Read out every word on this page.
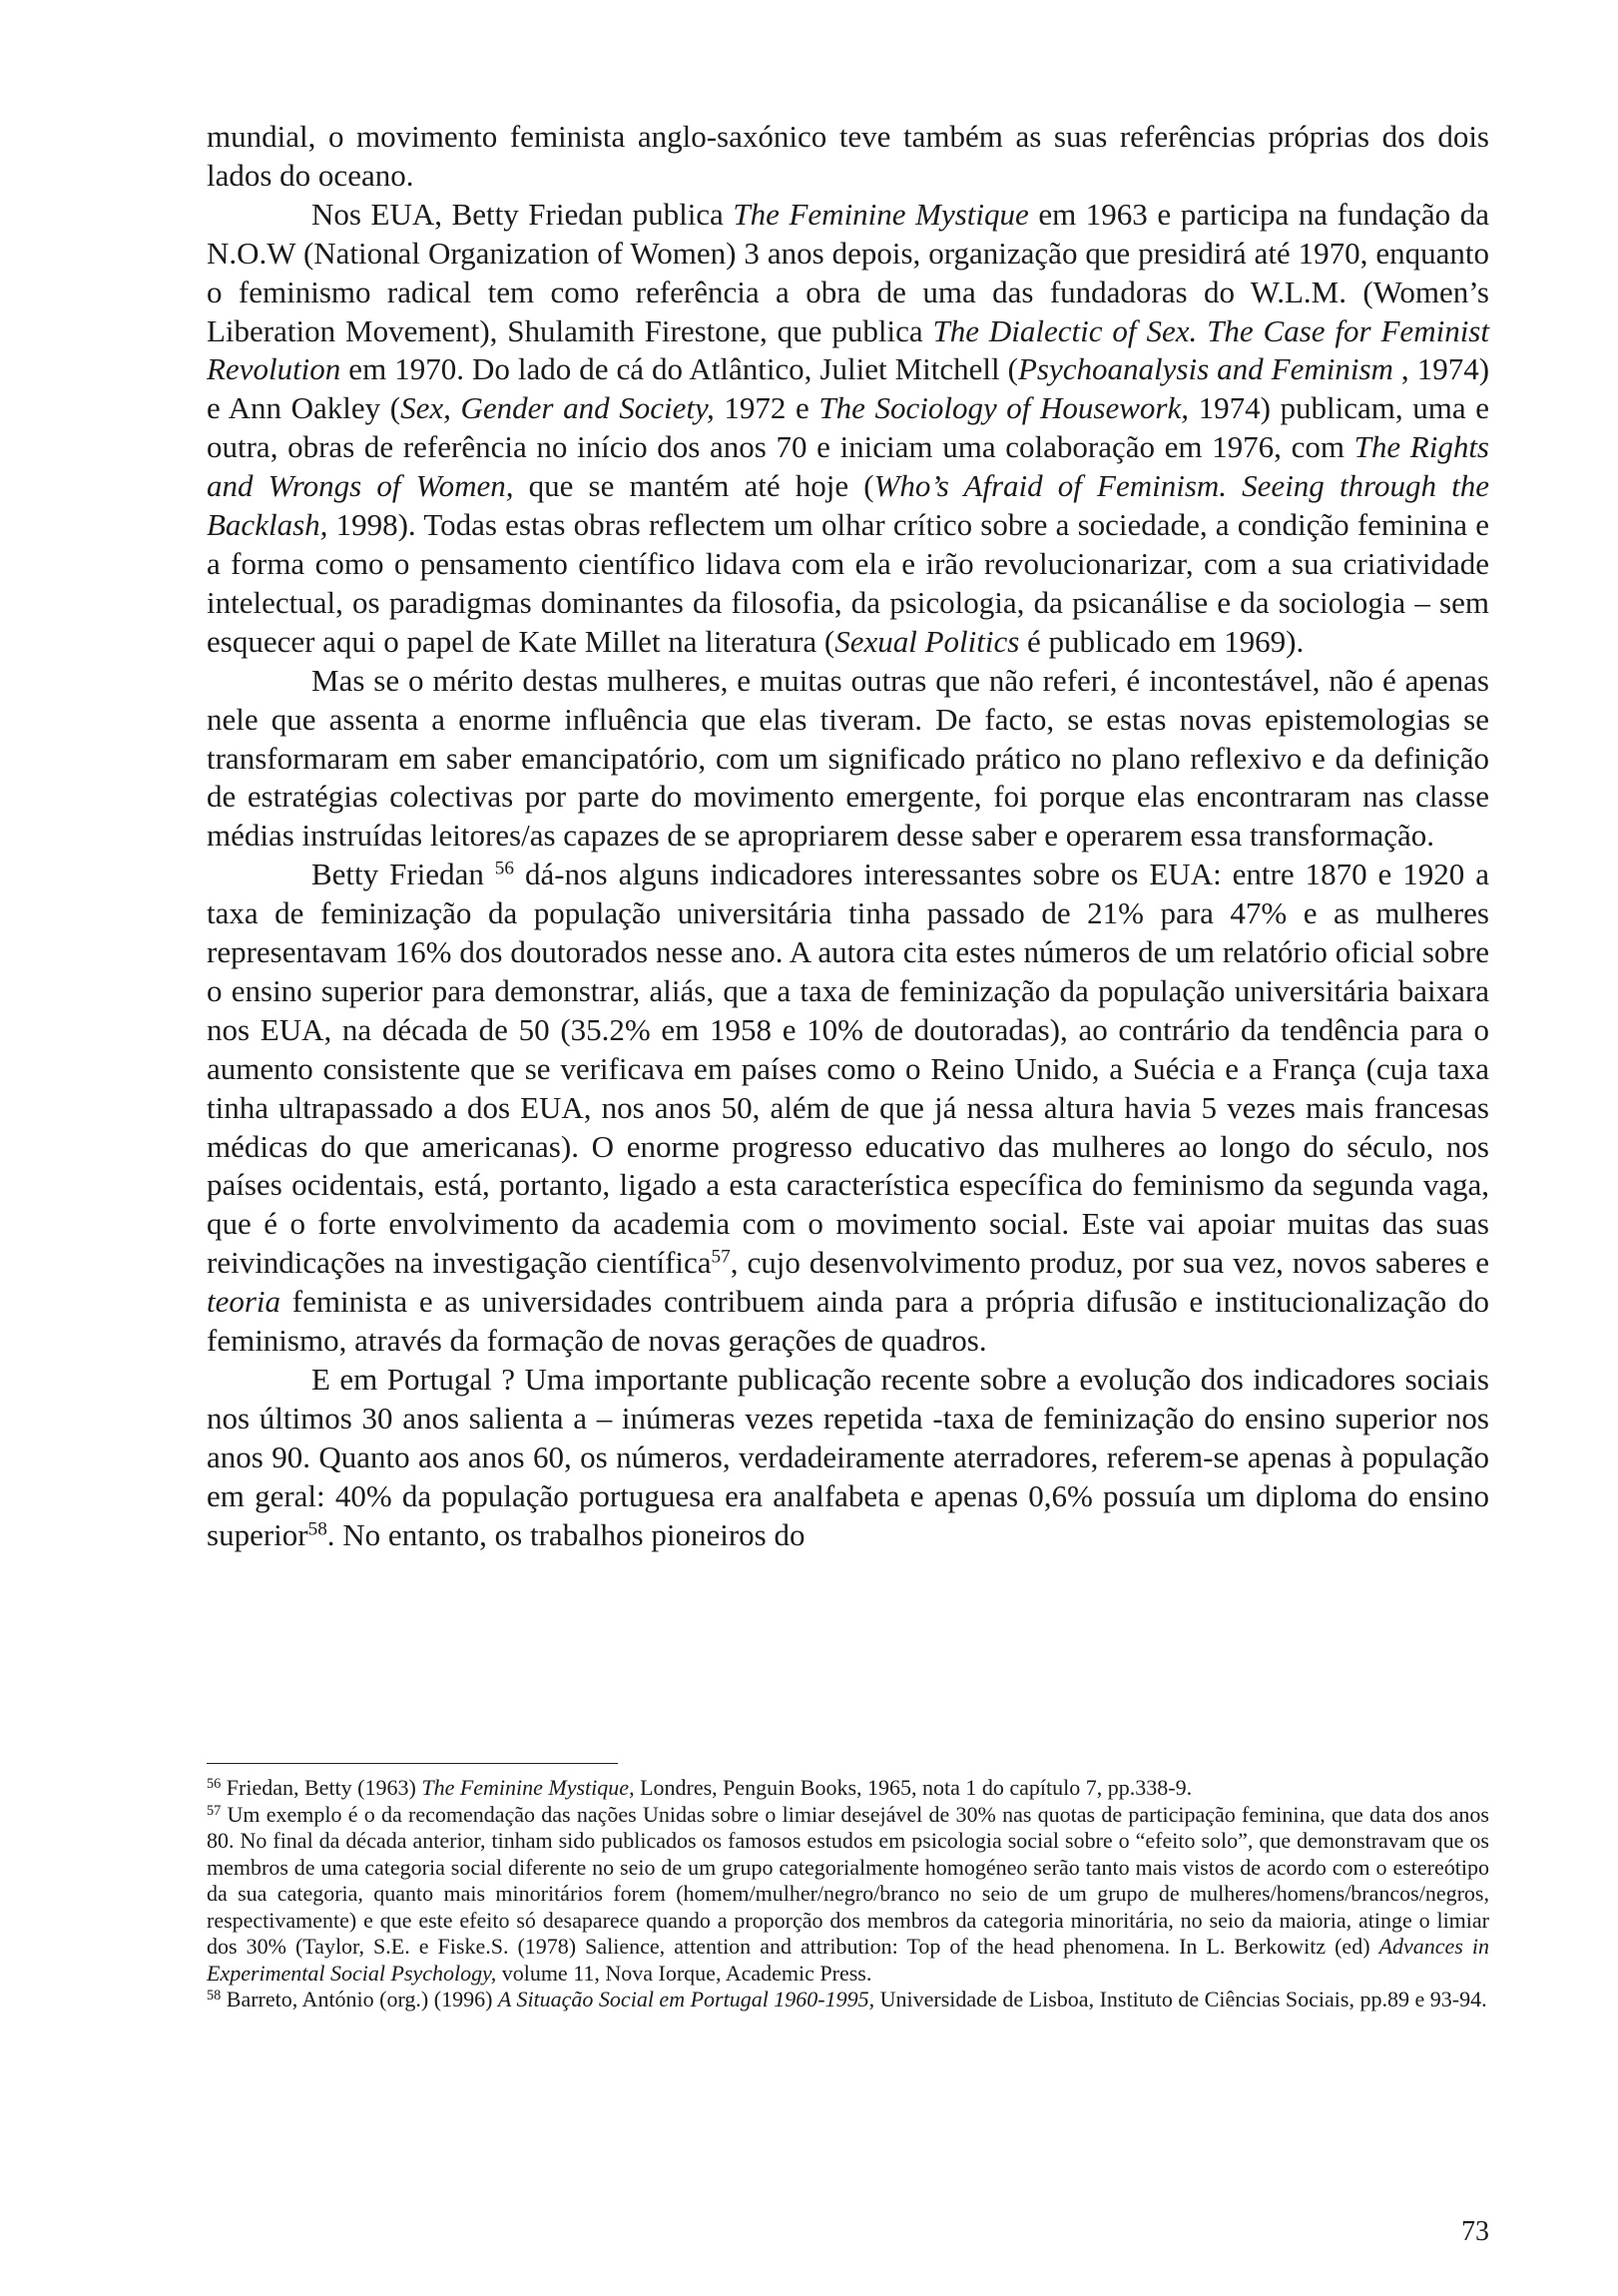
mundial, o movimento feminista anglo-saxónico teve também as suas referências próprias dos dois lados do oceano.

Nos EUA, Betty Friedan publica The Feminine Mystique em 1963 e participa na fundação da N.O.W (National Organization of Women) 3 anos depois, organização que presidirá até 1970, enquanto o feminismo radical tem como referência a obra de uma das fundadoras do W.L.M. (Women’s Liberation Movement), Shulamith Firestone, que publica The Dialectic of Sex. The Case for Feminist Revolution em 1970. Do lado de cá do Atlântico, Juliet Mitchell (Psychoanalysis and Feminism , 1974) e Ann Oakley (Sex, Gender and Society, 1972 e The Sociology of Housework, 1974) publicam, uma e outra, obras de referência no início dos anos 70 e iniciam uma colaboração em 1976, com The Rights and Wrongs of Women, que se mantém até hoje (Who’s Afraid of Feminism. Seeing through the Backlash, 1998). Todas estas obras reflectem um olhar crítico sobre a sociedade, a condição feminina e a forma como o pensamento científico lidava com ela e irão revolucionarizar, com a sua criatividade intelectual, os paradigmas dominantes da filosofia, da psicologia, da psicanálise e da sociologia – sem esquecer aqui o papel de Kate Millet na literatura (Sexual Politics é publicado em 1969).

Mas se o mérito destas mulheres, e muitas outras que não referi, é incontestável, não é apenas nele que assenta a enorme influência que elas tiveram. De facto, se estas novas epistemologias se transformaram em saber emancipatório, com um significado prático no plano reflexivo e da definição de estratégias colectivas por parte do movimento emergente, foi porque elas encontraram nas classe médias instruídas leitores/as capazes de se apropriarem desse saber e operarem essa transformação.

Betty Friedan $^{56}$ dá-nos alguns indicadores interessantes sobre os EUA: entre 1870 e 1920 a taxa de feminização da população universitária tinha passado de 21% para 47% e as mulheres representavam 16% dos doutorados nesse ano. A autora cita estes números de um relatório oficial sobre o ensino superior para demonstrar, aliás, que a taxa de feminização da população universitária baixara nos EUA, na década de 50 (35.2% em 1958 e 10% de doutoradas), ao contrário da tendência para o aumento consistente que se verificava em países como o Reino Unido, a Suécia e a França (cuja taxa tinha ultrapassado a dos EUA, nos anos 50, além de que já nessa altura havia 5 vezes mais francesas médicas do que americanas). O enorme progresso educativo das mulheres ao longo do século, nos países ocidentais, está, portanto, ligado a esta característica específica do feminismo da segunda vaga, que é o forte envolvimento da academia com o movimento social. Este vai apoiar muitas das suas reivindicações na investigação científica$^{57}$, cujo desenvolvimento produz, por sua vez, novos saberes e teoria feminista e as universidades contribuem ainda para a própria difusão e institucionalização do feminismo, através da formação de novas gerações de quadros.

E em Portugal ? Uma importante publicação recente sobre a evolução dos indicadores sociais nos últimos 30 anos salienta a – inúmeras vezes repetida -taxa de feminização do ensino superior nos anos 90. Quanto aos anos 60, os números, verdadeiramente aterradores, referem-se apenas à população em geral: 40% da população portuguesa era analfabeta e apenas 0,6% possuía um diploma do ensino superior$^{58}$. No entanto, os trabalhos pioneiros do

$^{56}$ Friedan, Betty (1963) The Feminine Mystique, Londres, Penguin Books, 1965, nota 1 do capítulo 7, pp.338-9.

$^{57}$ Um exemplo é o da recomendação das nações Unidas sobre o limiar desejável de 30% nas quotas de participação feminina, que data dos anos 80. No final da década anterior, tinham sido publicados os famosos estudos em psicologia social sobre o “efeito solo”, que demonstravam que os membros de uma categoria social diferente no seio de um grupo categorialmente homogéneo serão tanto mais vistos de acordo com o estereótipo da sua categoria, quanto mais minoritários forem (homem/mulher/negro/branco no seio de um grupo de mulheres/homens/brancos/negros, respectivamente) e que este efeito só desaparece quando a proporção dos membros da categoria minoritária, no seio da maioria, atinge o limiar dos 30% (Taylor, S.E. e Fiske.S. (1978) Salience, attention and attribution: Top of the head phenomena. In L. Berkowitz (ed) Advances in Experimental Social Psychology, volume 11, Nova Iorque, Academic Press.

$^{58}$ Barreto, António (org.) (1996) A Situação Social em Portugal 1960-1995, Universidade de Lisboa, Instituto de Ciências Sociais, pp.89 e 93-94.

73
